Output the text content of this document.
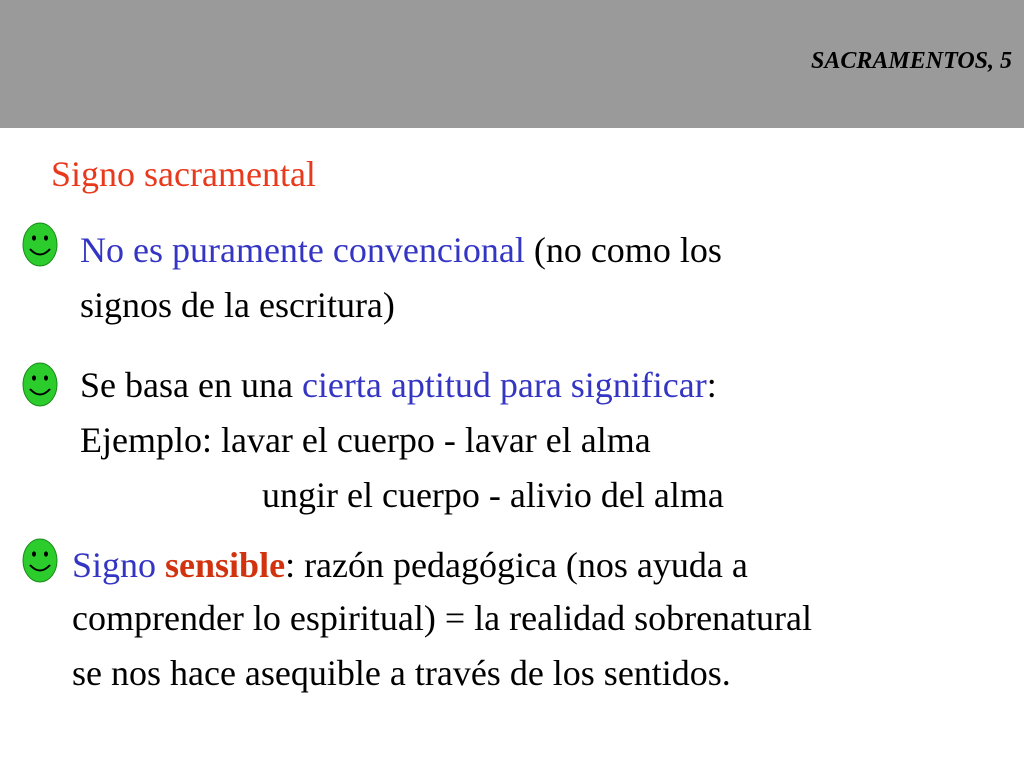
SACRAMENTOS, 5
Signo sacramental
No es puramente convencional (no como los
signos de la escritura)
Se basa en una cierta aptitud para significar:
Ejemplo: lavar el cuerpo - lavar el alma
ungir el cuerpo - alivio del alma
Signo sensible: razón pedagógica (nos ayuda a
comprender lo espiritual) = la realidad sobrenatural
se nos hace asequible a través de los sentidos.
